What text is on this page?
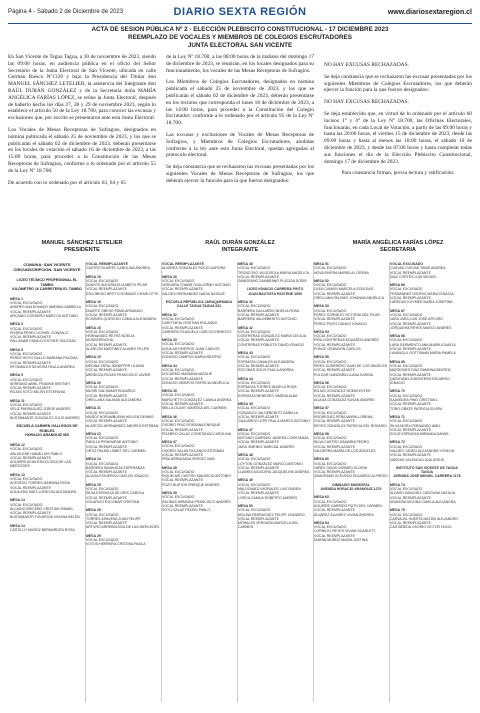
Página 4 - Sábado 2 de Diciembre de 2023	DIARIO SEXTA REGIÓN	www.diariosextaregion.cl
ACTA DE SESION PÚBLICA Nº 2 - ELECCIÓN PLEBISCITO CONSTITUCIONAL - 17 DICIEMBRE 2023
REEMPLAZO DE VOCALES Y MIEMBROS DE COLEGIOS ESCRUTADORES
JUNTA ELECTORAL SAN VICENTE

En San Vicente de Tagua Tagua, a 30 de noviembre de 2023, siendo las 09:00 horas, en audiencia pública en el oficio del Señor Secretario de la Junta Electoral de San Vicente, ubicada en calle Germán Riesco Nº1320 y bajo la Presidencia del Titular don MANUEL SÁNCHEZ LETELIER, la asistencia del Integrante don RAÚL DURÁN GONZÁLEZ y de la Secretaria doña MARÍA ANGÉLICA FARÍAS LÓPEZ, se reúne la Junta Electoral, después de haberlo hecho los días 27, 28 y 29 de noviembre 2023, según lo establece el artículo 50 de la Ley 18.700, para conocer las excusas y exclusiones que, por escrito se presentaron ante esta Junta Electoral.

Los Vocales de Mesas Receptoras de Sufragios, designados en nómina publicada el sábado 25 de noviembre de 2023, y los que se publicarán el sábado 02 de diciembre de 2023, deberán presentarse en los locales de votación el sábado 16 de diciembre de 2023, a las 15:00 horas, para proceder a la Constitución de las Mesas Receptoras de Sufragios, conforme a lo ordenado por el artículo 55 de la Ley Nº 18.700.

De acuerdo con lo ordenado por el artículo 63, 64 y 65

de la Ley Nº 18.700, a las 08:00 horas de la mañana del domingo 17 de diciembre de 2023, se reunirán, en los locales designados para su funcionamiento, los vocales de las Mesas Receptoras de Sufragios.

Los Miembros de Colegios Escrutadores, designados en nómina publicada el sábado 25 de noviembre de 2023, y los que se publicarán el sábado 02 de diciembre de 2023, deberán presentarse en los recintos que corresponda el lunes 18 de diciembre de 2023, a las 14:00 horas, para proceder a la Constitución del Colegio Escrutador; conforme a lo ordenado por el artículo 95 de la Ley Nº 18.700.

Las excusas y exclusiones de Vocales de Mesas Receptoras de Sufragios, y Miembros de Colegios Escrutadores, aludidas conforme a la ley ante esta Junta Electoral, quedan agregadas al protocolo electoral.

Se deja constancia que se rechazaron las excusas presentadas por los siguientes Vocales de Mesas Receptoras de Sufragios, los que deberán ejercer la función para la que fueron designados:

NO HAY EXCUSAS RECHAZADAS.

Se deja constancia que se rechazaron las excusas presentadas por los siguientes Miembros de Colegios Escrutadores, los que deberán ejercer la función para la que fueron designados:

NO HAY EXCUSAS RECHAZADAS.

Se deja establecido que, en virtud de lo ordenado por el artículo 60 incisos 1° y 4° de la Ley Nº 18.700, las Oficinas Electorales, funcionarán, en cada Local de Votación, a partir de las 09:00 horas y hasta las 20:00 horas, el viernes 15 de diciembre de 2023, desde las 09:00 horas y hasta al menos las 18:00 horas, el sábado 16 de diciembre de 2023, y desde las 07:00 horas y hasta completar todas sus funciones el día de la Elección Plebiscito Constitucional, domingo 17 de diciembre de 2023.

Para constancia firman, previa lectura y ratificación:

MANUEL SÁNCHEZ LETELIER
PRESIDENTE
RAÚL DURÁN GONZÁLEZ
INTEGRANTE
MARÍA ANGÉLICA FARÍAS LÓPEZ
SECRETARIA
COMUNA: SAN VICENTE
CIRCUNSCRIPCIÓN: SAN VICENTE
LICEO TÉCNICO PROFESIONAL EL TAMBO
KILÓMETRO 16 CARRETERA EL TAMBO
MESA 1
VOCAL EXCUSADO
ANDRÉS MALDONADO MARINA GABRIELA
VOCAL REEMPLAZANTE
ARCADIO CORDERO MARCOS ANTONIO
MESA 3
VOCAL EXCUSADO
RIVERA PÉREZ LEONEL GONZALO
VOCAL REEMPLAZANTE
PALLAMAR FAMILIO ESTHER SOLEDAD
MESA 5
VOCAL EXCUSADO
PEREZ HOYO GALLO MARIANA PALOMA
VOCAL REEMPLAZANTE
RETAMALES SILVERIA PAULA ANDREA
MESA 9
VOCAL EXCUSADO
SERRANO ABRIL FRANKIE BRITNEY
VOCAL REEMPLAZANTE
ROJAS SOTO BELÉN ESTEFANIA
MESA 11
VOCAL EXCUSADO
VELIZ PARRAGUEZ JORGE ANDRÉS
VOCAL REEMPLAZANTE
BUSTAMANTE GONZÁLEZ JULIO ANDRÉS
ESCUELA CARMEN GALLEGOS DE ROBLES
HORACIO ARANGUIZ 965
MESA 12
VOCAL EXCUSADO
ABLIGLEHE HABIB LUIS PABLO
VOCAL REEMPLAZANTE
AGUIRRE AGUILERA ELOÍSA DE LAS MERCEDES
MESA 13
VOCAL EXCUSADO
ACEVEDO TORRES MARIANA ROSA
VOCAL REEMPLAZANTE
AGUILERA SAEZ LOREYSA ALEJANDRA
MESA 14
VOCAL EXCUSADO
ALCAINO BRICEÑO CRISTIAN ISMAEL
VOCAL REEMPLAZANTE
BUSTAMANTE FIGUEROA VIVIANA BELÉN
MESA 14
CASTILLO MUÑOZ BERNARDITA ROSA
VOCAL REEMPLAZANTE
CASTRO DUARTE CAROLINA ANDREA
MESA 15
VOCAL EXCUSADO
DUARTE ALEGRÍA ELIZABETH PILAR
VOCAL REEMPLAZANTE
ESCOBEDO BRITTO ROMANO CHARLOTTE
MESA 16
VOCAL EXCUSADO
DUARTE OBESO PAMA ARMANDO
VOCAL REEMPLAZANTE
ECHAVES QUEVEDO CAMILA ALEJANDRA
MESA 18
VOCAL EXCUSADO
HERNANDEZ REYES NOELIA MONSERRATHA
VOCAL REEMPLAZANTE
ALARCÓN MARTÍNEZ ALVARO FELIPE
MESA 19
VOCAL EXCUSADO
MEDINA TAPIA JENNIFFER LILIANA
VOCAL REEMPLAZANTE
MENDOZA ROJAS FRANCISCO JAVIER
MESA 20
VOCAL EXCUSADO
MUSRI GALTAMAR EDUARDO
VOCAL REEMPLAZANTE
ORELLANA SALINAS ALEJANDRA
MESA 21
VOCAL EXCUSADO
MUÑOZ NORAMBUENA HELLEN DENNIS
VOCAL REEMPLAZANTE
ALARCÓN HERNÁNDEZ ANDRES ESTEBAN
MESA 22
VOCAL EXCUSADO
PADILLA PIRAHUENE ANTONIO
VOCAL REEMPLAZANTE
ORTIZ PALMA LISBET DEL CARMEN
MESA 24
VOCAL EXCUSADO
BARRERA SANHUEZA ESPERANZA
VOCAL REEMPLAZANTE
ALIAGA FIGUEROA CARLOS IGNACIO
MESA 25
VOCAL EXCUSADO
SILVA ESPINOZA DE ÚRIS CAROLA
VOCAL REEMPLAZANTE
VOLARICH ESCOBAR CRISTIAN
MESA 28
VOCAL EXCUSADO
TORRES ARAVENA JUAN FELIPE
VOCAL REEMPLAZANTE
ARTURO ARREBOLEDA DE LAS MERCEDES
MESA 29
VOCAL EXCUSADO
VOTOS HERRERA CRISTINA PAOLA
VOCAL REEMPLAZANTE
ALVAREZ GONZÁLEZ ROCÍO AURORA
MESA 30
VOCAL EXCUSADO
VERGARA TOMAR GUILLERMO ANTONIO
VOCAL REEMPLAZANTE
VALDES HERNANDEZ NADIA NATALIE
ESCUELA REPÚBLICA JARAQUEMADA
CALLE TAGUA TAGUA 531
MESA 32
VOCAL EXCUSADO
CAROTAPIA CRISTIAN ROLANDO
VOCAL REEMPLAZANTE
CARRERO PLAZUELA CARLOS ERNESTO
MESA 33
VOCAL EXCUSADO
AGUILAR RIVEROS JUAN CARLOS
VOCAL REEMPLAZANTE
DONOSO CAMPOS MARIA BEATRIZ
MESA 34
VOCAL EXCUSADO
DOCARMO MARIANA NATALIE
VOCAL REEMPLAZANTE
DONOSO OBISPOS PATRICIA ANGÉLICA
MESA 35
VOCAL EXCUSADO
MARCHETTI GONZÁLEZ CAMILA ANDREA
VOCAL REEMPLAZANTE
MELLA OLAVE VANESSA DEL CARMEN
MESA 36
VOCAL EXCUSADO
OSORIO PINO ROSSANA ENRIQUE
VOCAL REEMPLAZANTE
PIZARRO GALAZ CONSTANZA CAROLINA
MESA 37
VOCAL EXCUSADO
OSORIO SALAS ROLANDO ESTEBAN
VOCAL REEMPLAZANTE
PIÑA ARRIAGADA SERGIO IVAN
MESA 38
VOCAL EXCUSADO
RIQUELME CASTRO MAURICIO ANTONIO
VOCAL REEMPLAZANTE
POZO BUSTOS ENRIQUE ANDRES
MESA 39
VOCAL EXCUSADO
SALINAS MIRANDA FRANCISCO ANDRÉS
VOCAL REEMPLAZANTE
SOTO GALAZ PEDRO PABLO
MESA 40
VOCAL EXCUSADO
TRONCOSO VILDOSOLA MARIA ANGÉLICA
VOCAL REEMPLAZANTE
ZAMORANO ZAMBRANO PLÁCIDA DORIS
LICEO IGNACIO CARRERA PINTO
JUAN BAUTISTA PASTENE 1050
MESA 41
VOCAL EXCUSADO
BARRERA GALLARDO NOELIA ROSA
VOCAL REEMPLAZANTE
BARRERA VALDEBENITO ANTONIO
MESA 42
VOCAL EXCUSADO
CONTRERAS GONZÁLEZ MARIA CECILIA
VOCAL REEMPLAZANTE
CONTRERAS POBLETE DAVID IGNACIO
MESA 43
VOCAL EXCUSADO
ESPINOZA CANALES ALEJANDRA
VOCAL REEMPLAZANTE
ESCOBAR SOLIS PAULA ANDREA
MESA 44
VOCAL EXCUSADO
ESPINOZA TORRES ANGELA ROSA
VOCAL REEMPLAZANTE
ESPINOZA MENESES XIMENA ALBA
MESA 45
VOCAL EXCUSADO
GONZÁLEZ VALDEBENITO DANIELA
VOCAL REEMPLAZANTE
GUAJARDO LEPE PAULA MARCO ANTONIO
MESA 47
VOCAL EXCUSADO
ANTONIO GARRIDO JAVIERA CONSTANZA
VOCAL REEMPLAZANTE
JARA JIMÉNEZ MARCIAL ANDRÉS
MESA 48
VOCAL EXCUSADO
LOYTON GONZÁLEZ MARCO ANTONIO
VOCAL REEMPLAZANTE
LLAIMES AGUILERA JACQUELINE ANDREA
MESA 49
VOCAL EXCUSADO
MALDONADO MORALES LUIS RUBEN
VOCAL REEMPLAZANTE
LORCA CAMILA ROBERTO ANDRÉS
MESA 50
VOCAL EXCUSADO
MOLINA PARRAGUEZ FELIPE LEANDRO
VOCAL REEMPLAZANTE
MORALES VERGARA MARCELA DEL CARMEN
MESA 51
VOCAL EXCUSADO
NOVA RIVERA MARIELA LORENA
MESA 52
VOCAL EXCUSADO
OLEA CUMASI MARCELA SOLEDAD
VOCAL REEMPLAZANTE
ORELLANA PALOMO JOHANNA ANGÉLICA
MESA 53
VOCAL EXCUSADO
PEREZ CORNEJO VICTORIA DEL PILAR
VOCAL REEMPLAZANTE
PEREZ PINTO DANILO IGNACIO
MESA 54
VOCAL EXCUSADO
PIÑA CONTRERAS EDUARDO ANDRÉS
VOCAL REEMPLAZANTE
PONCE GRANDON CARLOS
MESA 55
VOCAL EXCUSADO
PIRES GUERRERO JUAN DE LOS ÁNGELES
VOCAL REEMPLAZANTE
PULGAR GANDARILLA ANA KARINA
MESA 56
VOCAL EXCUSADO
ROJAS GONZÁLEZ NOEMÍ ESTER
VOCAL REEMPLAZANTE
ALIAGA GONZÁLEZ SUSAN ANDREE
MESA 57
VOCAL EXCUSADO
RODRÍGUEZ PEÑA MARIA LORENA
VOCAL REEMPLAZANTE
REYES GONZÁLEZ PATRICIA DEL ROSARIO
MESA 58
VOCAL EXCUSADO
SILVA CASTRO DAMARIA PEDRO
VOCAL REEMPLAZANTE
VALDERRA MARÍA DE LOS ÁNGELES
MESA 60
VOCAL EXCUSADO
YAÑEZ GAVIA CARMEN GLORIA
VOCAL REEMPLAZANTE
ZAMORANO ACEVEDO EDUARDO ALFREDO
GIMNASIO MUNICIPAL
AVENIDA HORACIO ARANGUIZ 1270
MESA 63
VOCAL EXCUSADO
AGUIRRE GARRIDO RUTH DEL CARMEN
VOCAL REEMPLAZANTE
ÁLVAREZ ÁLVAREZ VIVIAN ANDREA
MESA 64
VOCAL EXCUSADO
CORNEJO REYES VIVIAN SCARLETT
VOCAL REEMPLAZANTE
DURÁN MUÑOZ MARIA JUSTINA
VOCAL EXCUSADO
CUEVAS CUEVAS TANIS ANDREA
VOCAL REEMPLAZANTE
DÍAZ CORTES LUIS MIGUEL
MESA 66
VOCAL EXCUSADO
FERNÁNDEZ OSORIO MARIA IGNACIA
VOCAL REEMPLAZANTE
LAREDAS KOYMER MARIA JOSEFINA
MESA 67
VOCAL EXCUSADO
JARA JARA LUIS JOSÉ ARTURO
VOCAL REEMPLAZANTE
JORQUERA REYES MARCO ANDRÉS
MESA 68
VOCAL EXCUSADO
LARA SARMIENTO ANA MARIA IGNACIA
VOCAL REEMPLAZANTE
LAVANGLU GOTTSMAN MARIA PAMELA
MESA 69
VOCAL EXCUSADO
MARDONES DÍAZ RAMONA BEATRIZ
VOCAL REEMPLAZANTE
QUINTANILLA MONTERO EDUARDO IGNACIO
MESA 70
VOCAL EXCUSADO
SAAVEDRA PINO CRISTIAN L
VOCAL REEMPLAZANTE
TORO OÑATE PATRICIA ELVIRA
MESA 71
VOCAL EXCUSADO
SILVA MORA FERNANDO ABEL
VOCAL REEMPLAZANTE
SOLIS ESPINOZA MIRANDA DANIEL
MESA 72
VOCAL EXCUSADO
VALDÉS CANDO ALEJANDRA YOSELIN
VOCAL REEMPLAZANTE
VARGAS VALENCIA LIDIA JESUS
INSTITUTO SAN VICENTE DE TAGUA TAGUA
AVENIDA JOSÉ MIGUEL CARRERA 1176
MESA 74
VOCAL EXCUSADO
ALFARO SANCHEZ CAROLINA NATALIA
VOCAL REEMPLAZANTE
ARAVENA MOLINA CAMILA ALEJANDRA
MESA 75
VOCAL EXCUSADO
CARVAJAL HUERTA MATÍAS ALEJANDRO
VOCAL REEMPLAZANTE
CASTAÑEDA OSORIO VÍCTOR HUGO
